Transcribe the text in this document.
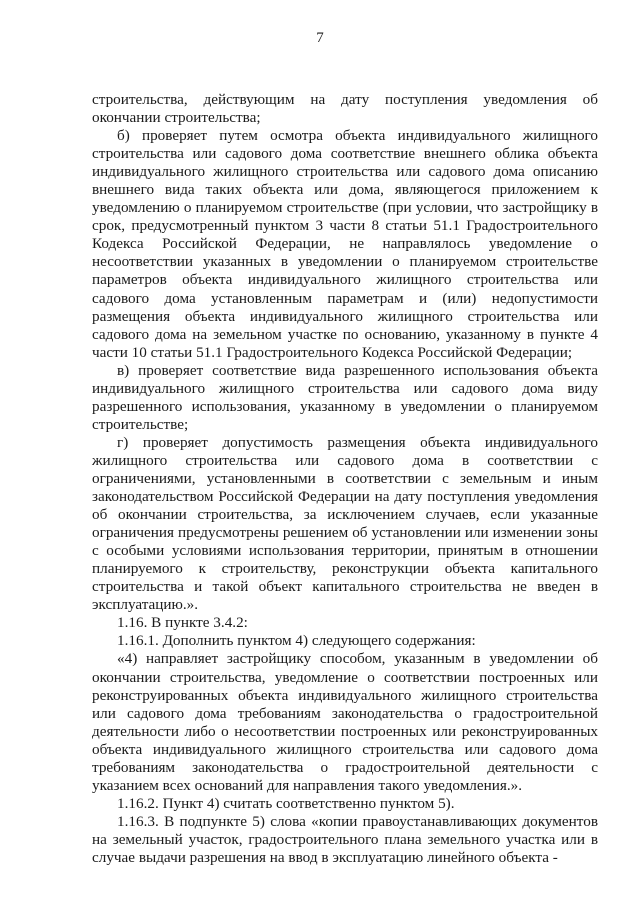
7

строительства, действующим на дату поступления уведомления об окончании строительства;

б) проверяет путем осмотра объекта индивидуального жилищного строительства или садового дома соответствие внешнего облика объекта индивидуального жилищного строительства или садового дома описанию внешнего вида таких объекта или дома, являющегося приложением к уведомлению о планируемом строительстве (при условии, что застройщику в срок, предусмотренный пунктом 3 части 8 статьи 51.1 Градостроительного Кодекса Российской Федерации, не направлялось уведомление о несоответствии указанных в уведомлении о планируемом строительстве параметров объекта индивидуального жилищного строительства или садового дома установленным параметрам и (или) недопустимости размещения объекта индивидуального жилищного строительства или садового дома на земельном участке по основанию, указанному в пункте 4 части 10 статьи 51.1 Градостроительного Кодекса Российской Федерации;

в) проверяет соответствие вида разрешенного использования объекта индивидуального жилищного строительства или садового дома виду разрешенного использования, указанному в уведомлении о планируемом строительстве;

г) проверяет допустимость размещения объекта индивидуального жилищного строительства или садового дома в соответствии с ограничениями, установленными в соответствии с земельным и иным законодательством Российской Федерации на дату поступления уведомления об окончании строительства, за исключением случаев, если указанные ограничения предусмотрены решением об установлении или изменении зоны с особыми условиями использования территории, принятым в отношении планируемого к строительству, реконструкции объекта капитального строительства и такой объект капитального строительства не введен в эксплуатацию.».

1.16. В пункте 3.4.2:

1.16.1. Дополнить пунктом 4) следующего содержания:

«4) направляет застройщику способом, указанным в уведомлении об окончании строительства, уведомление о соответствии построенных или реконструированных объекта индивидуального жилищного строительства или садового дома требованиям законодательства о градостроительной деятельности либо о несоответствии построенных или реконструированных объекта индивидуального жилищного строительства или садового дома требованиям законодательства о градостроительной деятельности с указанием всех оснований для направления такого уведомления.».

1.16.2. Пункт 4) считать соответственно пунктом 5).

1.16.3. В подпункте 5) слова «копии правоустанавливающих документов на земельный участок, градостроительного плана земельного участка или в случае выдачи разрешения на ввод в эксплуатацию линейного объекта -
